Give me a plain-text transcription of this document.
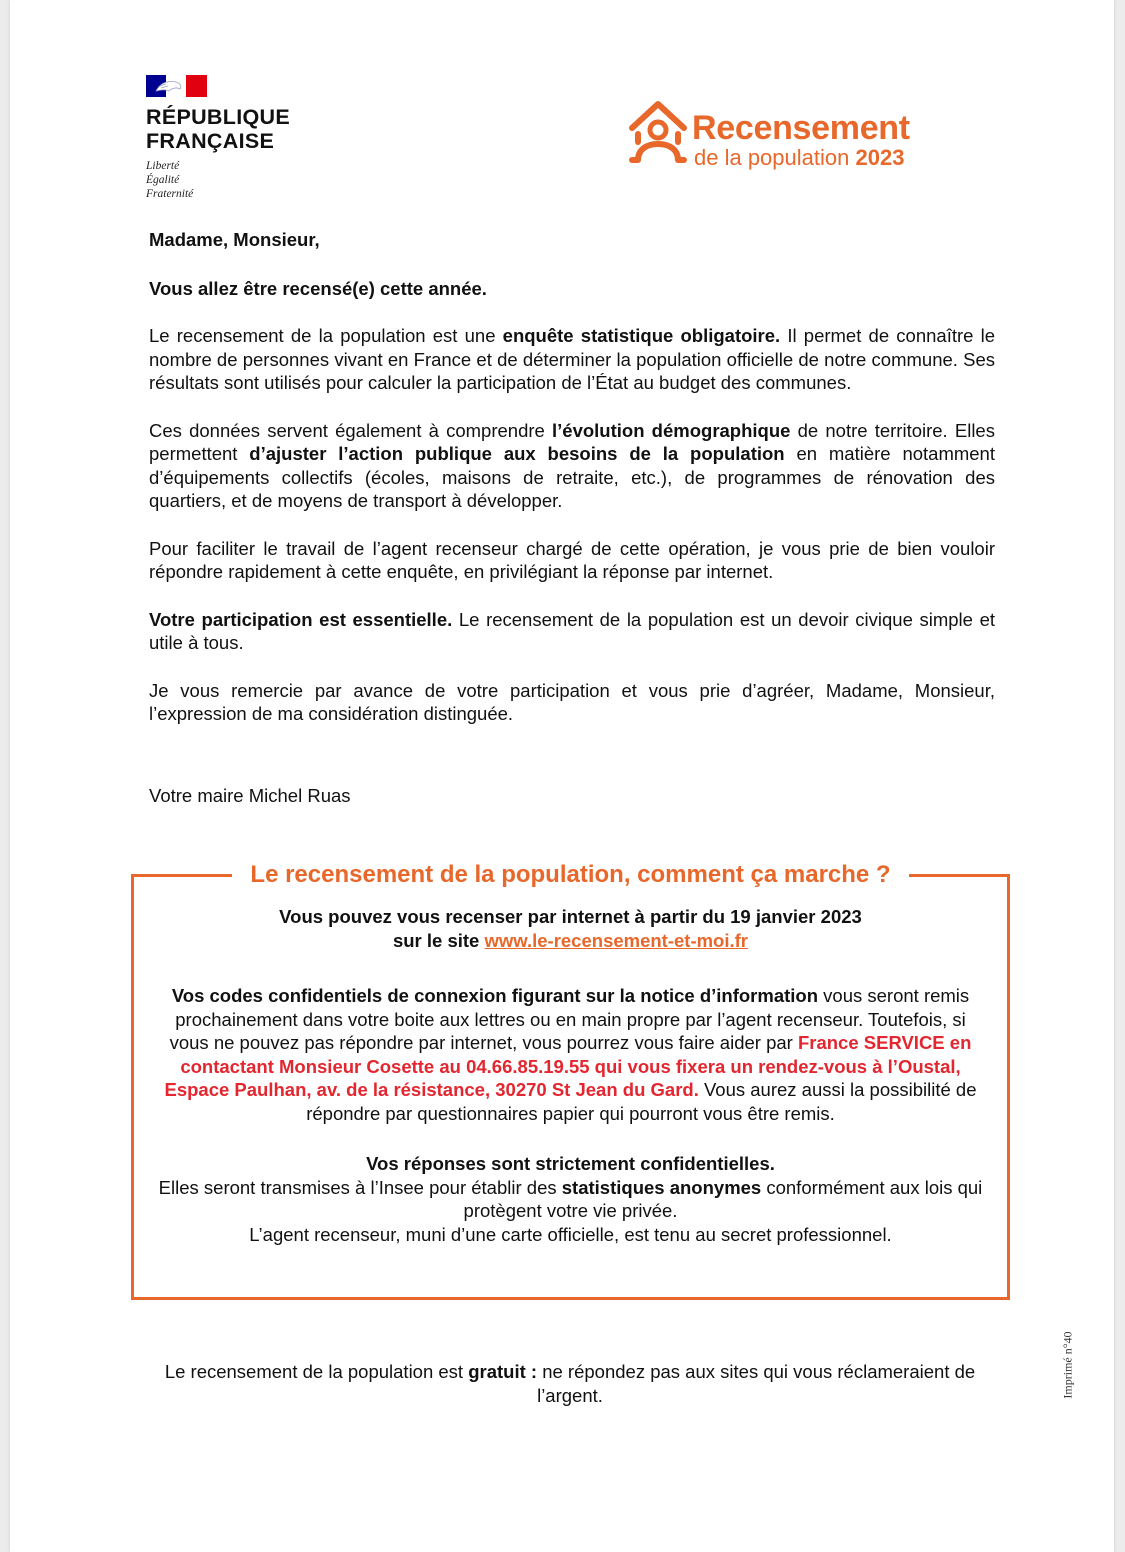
RÉPUBLIQUE
FRANÇAISE
Liberté
Égalité
Fraternité
Recensement
de la population 2023

Madame, Monsieur,

Vous allez être recensé(e) cette année.

Le recensement de la population est une enquête statistique obligatoire. Il permet de connaître le nombre de personnes vivant en France et de déterminer la population officielle de notre commune. Ses résultats sont utilisés pour calculer la participation de l’État au budget des communes.

Ces données servent également à comprendre l’évolution démographique de notre territoire. Elles permettent d’ajuster l’action publique aux besoins de la population en matière notamment d’équipements collectifs (écoles, maisons de retraite, etc.), de programmes de rénovation des quartiers, et de moyens de transport à développer.

Pour faciliter le travail de l’agent recenseur chargé de cette opération, je vous prie de bien vouloir répondre rapidement à cette enquête, en privilégiant la réponse par internet.

Votre participation est essentielle. Le recensement de la population est un devoir civique simple et utile à tous.

Je vous remercie par avance de votre participation et vous prie d’agréer, Madame, Monsieur, l’expression de ma considération distinguée.

Votre maire Michel Ruas

Le recensement de la population, comment ça marche ?

Vous pouvez vous recenser par internet à partir du 19 janvier 2023
sur le site www.le-recensement-et-moi.fr

Vos codes confidentiels de connexion figurant sur la notice d’information vous seront remis prochainement dans votre boite aux lettres ou en main propre par l’agent recenseur. Toutefois, si vous ne pouvez pas répondre par internet, vous pourrez vous faire aider par France SERVICE en contactant Monsieur Cosette au 04.66.85.19.55 qui vous fixera un rendez-vous à l’Oustal, Espace Paulhan, av. de la résistance, 30270 St Jean du Gard. Vous aurez aussi la possibilité de répondre par questionnaires papier qui pourront vous être remis.

Vos réponses sont strictement confidentielles.
Elles seront transmises à l’Insee pour établir des statistiques anonymes conformément aux lois qui protègent votre vie privée.
L’agent recenseur, muni d’une carte officielle, est tenu au secret professionnel.

Le recensement de la population est gratuit : ne répondez pas aux sites qui vous réclameraient de l’argent.	Imprimé n°40
